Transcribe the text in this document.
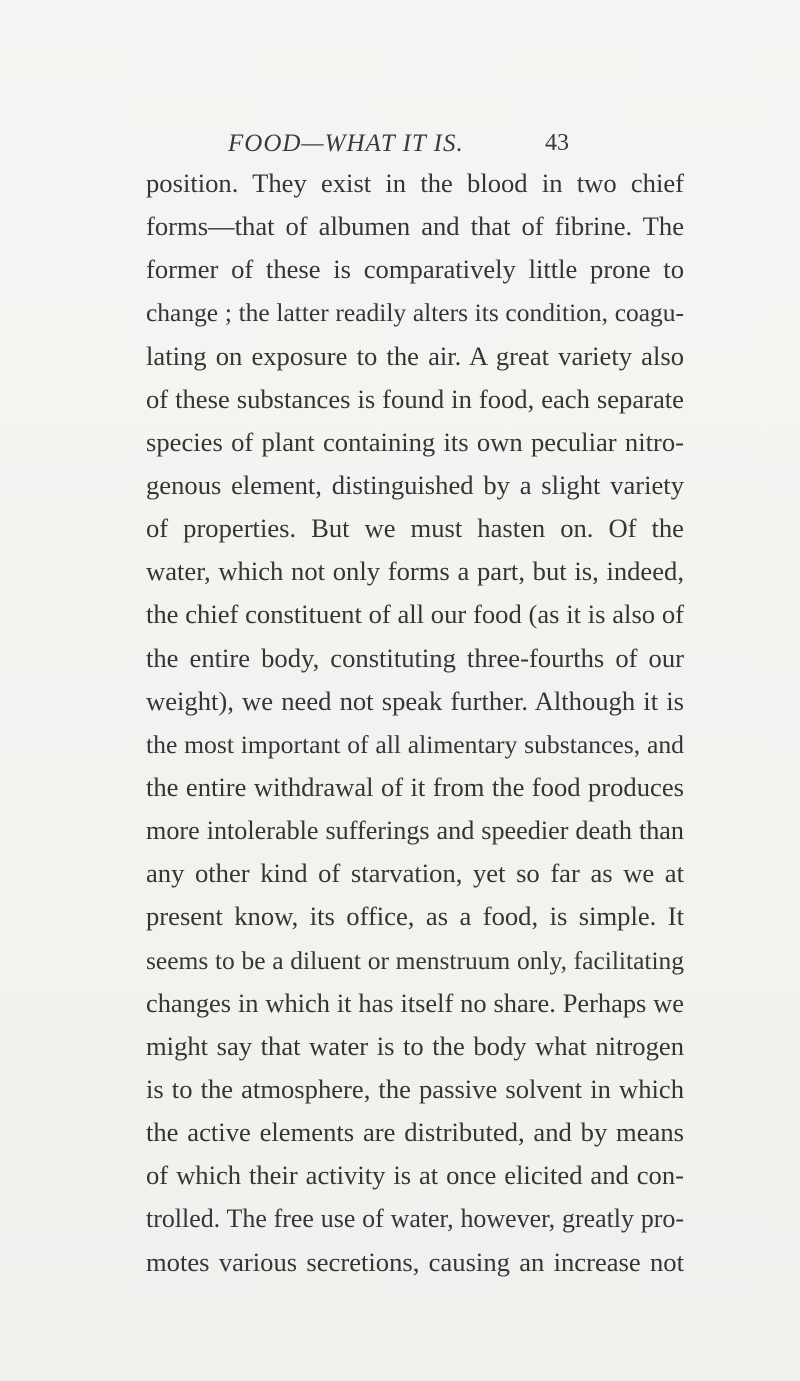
FOOD—WHAT IT IS.	43
position. They exist in the blood in two chief
forms—that of albumen and that of fibrine. The
former of these is comparatively little prone to
change ; the latter readily alters its condition, coagu-
lating on exposure to the air. A great variety also
of these substances is found in food, each separate
species of plant containing its own peculiar nitro-
genous element, distinguished by a slight variety
of properties. But we must hasten on. Of the
water, which not only forms a part, but is, indeed,
the chief constituent of all our food (as it is also of
the entire body, constituting three-fourths of our
weight), we need not speak further. Although it is
the most important of all alimentary substances, and
the entire withdrawal of it from the food produces
more intolerable sufferings and speedier death than
any other kind of starvation, yet so far as we at
present know, its office, as a food, is simple. It
seems to be a diluent or menstruum only, facilitating
changes in which it has itself no share. Perhaps we
might say that water is to the body what nitrogen
is to the atmosphere, the passive solvent in which
the active elements are distributed, and by means
of which their activity is at once elicited and con-
trolled. The free use of water, however, greatly pro-
motes various secretions, causing an increase not
